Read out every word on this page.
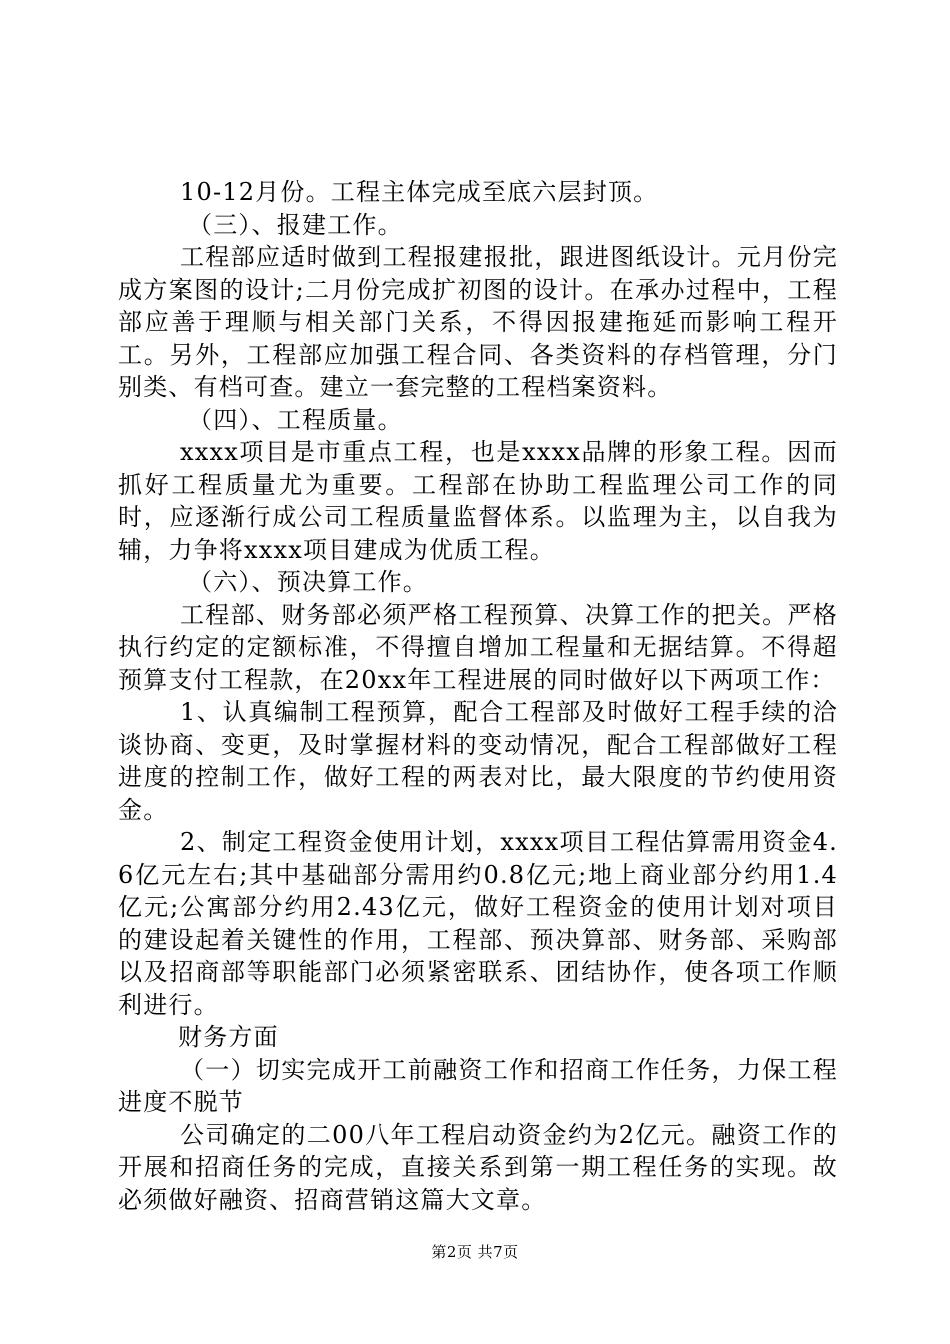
10-12月份。工程主体完成至底六层封顶。

（三）、报建工作。

工程部应适时做到工程报建报批，跟进图纸设计。元月份完成方案图的设计;二月份完成扩初图的设计。在承办过程中，工程部应善于理顺与相关部门关系，不得因报建拖延而影响工程开工。另外，工程部应加强工程合同、各类资料的存档管理，分门别类、有档可查。建立一套完整的工程档案资料。

（四）、工程质量。

xxxx项目是市重点工程，也是xxxx品牌的形象工程。因而抓好工程质量尤为重要。工程部在协助工程监理公司工作的同时，应逐渐行成公司工程质量监督体系。以监理为主，以自我为辅，力争将xxxx项目建成为优质工程。

（六）、预决算工作。

工程部、财务部必须严格工程预算、决算工作的把关。严格执行约定的定额标准，不得擅自增加工程量和无据结算。不得超预算支付工程款，在20xx年工程进展的同时做好以下两项工作：

1、认真编制工程预算，配合工程部及时做好工程手续的洽谈协商、变更，及时掌握材料的变动情况，配合工程部做好工程进度的控制工作，做好工程的两表对比，最大限度的节约使用资金。

2、制定工程资金使用计划，xxxx项目工程估算需用资金4.6亿元左右;其中基础部分需用约0.8亿元;地上商业部分约用1.4亿元;公寓部分约用2.43亿元，做好工程资金的使用计划对项目的建设起着关键性的作用，工程部、预决算部、财务部、采购部以及招商部等职能部门必须紧密联系、团结协作，使各项工作顺利进行。

财务方面

（一）切实完成开工前融资工作和招商工作任务，力保工程进度不脱节

公司确定的二00八年工程启动资金约为2亿元。融资工作的开展和招商任务的完成，直接关系到第一期工程任务的实现。故必须做好融资、招商营销这篇大文章。

第2页 共7页
